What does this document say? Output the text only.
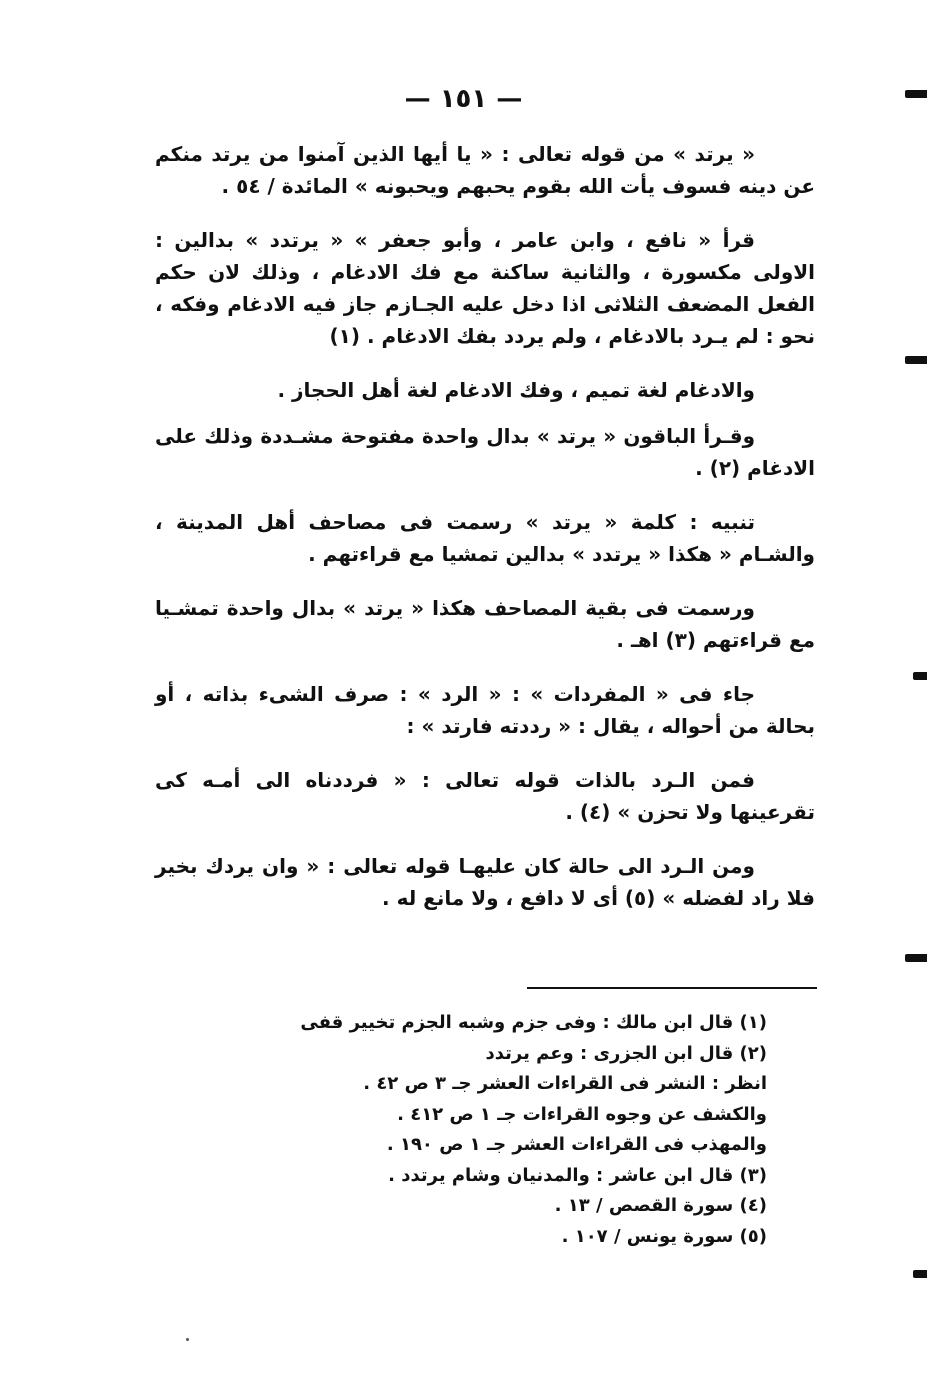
— ١٥١ —

« يرتد » من قوله تعالى : « يا أيها الذين آمنوا من يرتد منكم عن دينه فسوف يأت الله بقوم يحبهم ويحبونه » المائدة / ٥٤ .

قرأ « نافع ، وابن عامر ، وأبو جعفر » « يرتدد » بدالين : الاولى مكسورة ، والثانية ساكنة مع فك الادغام ، وذلك لان حكم الفعل المضعف الثلاثى اذا دخل عليه الجـازم جاز فيه الادغام وفكه ، نحو : لم يـرد بالادغام ، ولم يردد بفك الادغام . (١)

والادغام لغة تميم ، وفك الادغام لغة أهل الحجاز .

وقـرأ الباقون « يرتد » بدال واحدة مفتوحة مشـددة وذلك على الادغام (٢) .

تنبيه : كلمة « يرتد » رسمت فى مصاحف أهل المدينة ، والشـام « هكذا « يرتدد » بدالين تمشيا مع قراءتهم .

ورسمت فى بقية المصاحف هكذا « يرتد » بدال واحدة تمشـيا مع قراءتهم (٣) اهـ .

جاء فى « المفردات » : « الرد » : صرف الشىء بذاته ، أو بحالة من أحواله ، يقال : « رددته فارتد » :

فمن الـرد بالذات قوله تعالى : « فرددناه الى أمـه كى تقرعينها ولا تحزن » (٤) .

ومن الـرد الى حالة كان عليهـا قوله تعالى : « وان يردك بخير فلا راد لفضله » (٥) أى لا دافع ، ولا مانع له .

(١) قال ابن مالك : وفى جزم وشبه الجزم تخيير قفى
(٢) قال ابن الجزرى : وعم يرتدد
انظر : النشر فى القراءات العشر جـ ٣ ص ٤٢ .
والكشف عن وجوه القراءات جـ ١ ص ٤١٢ .
والمهذب فى القراءات العشر جـ ١ ص ١٩٠ .
(٣) قال ابن عاشر : والمدنيان وشام يرتدد .
(٤) سورة القصص / ١٣ .
(٥) سورة يونس / ١٠٧ .
